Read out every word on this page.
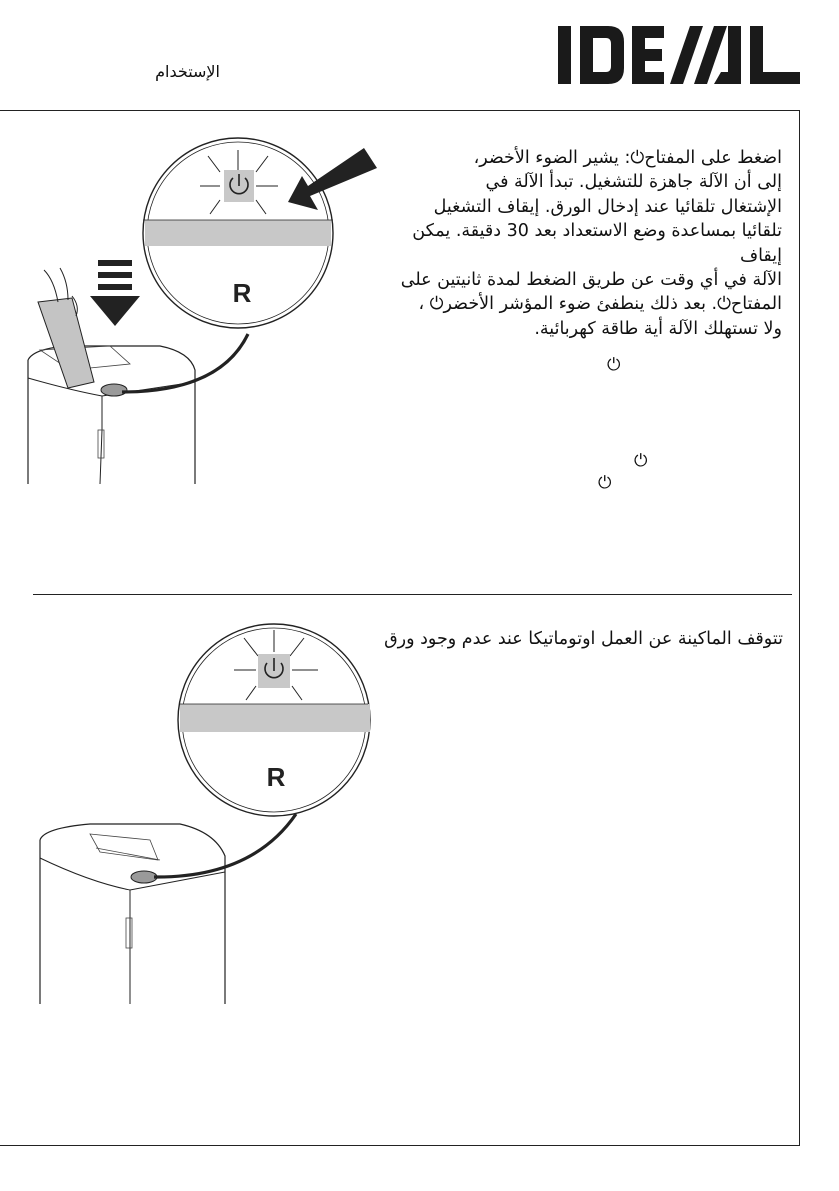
الإستخدام

اضغط على المفتاح⏻: يشير الضوء الأخضر،

إلى أن الآلة جاهزة للتشغيل. تبدأ الآلة في

الإشتغال تلقائيا عند إدخال الورق. إيقاف التشغيل

تلقائيا بمساعدة وضع الاستعداد بعد 30 دقيقة. يمكن إيقاف

الآلة في أي وقت عن طريق الضغط لمدة ثانيتين على

المفتاح⏻. بعد ذلك ينطفئ ضوء المؤشر الأخضر⏻ ،

ولا تستهلك الآلة أية طاقة كهربائية.

⏻
⏻
⏻
R
تتوقف الماكينة عن العمل اوتوماتيكا عند عدم وجود ورق
R
